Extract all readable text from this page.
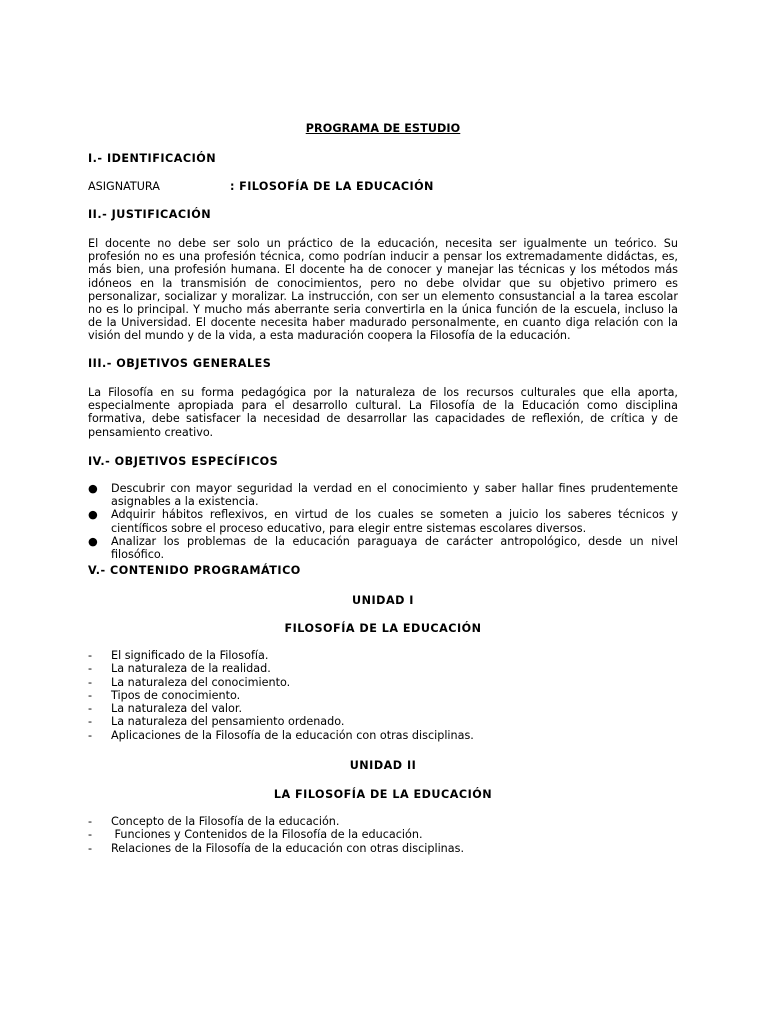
PROGRAMA DE ESTUDIO
I.- IDENTIFICACIÓN
ASIGNATURA	: FILOSOFÍA DE LA EDUCACIÓN
II.- JUSTIFICACIÓN

El docente no debe ser solo un práctico de la educación, necesita ser igualmente un teórico. Su profesión no es una profesión técnica, como podrían inducir a pensar los extremadamente didáctas, es, más bien, una profesión humana. El docente ha de conocer y manejar las técnicas y los métodos más idóneos en la transmisión de conocimientos, pero no debe olvidar que su objetivo primero es personalizar, socializar y moralizar. La instrucción, con ser un elemento consustancial a la tarea escolar no es lo principal. Y mucho más aberrante seria convertirla en la única función de la escuela, incluso la de la Universidad. El docente necesita haber madurado personalmente, en cuanto diga relación con la visión del mundo y de la vida, a esta maduración coopera la Filosofía de la educación.

III.- OBJETIVOS GENERALES

La Filosofía en su forma pedagógica por la naturaleza de los recursos culturales que ella aporta, especialmente apropiada para el desarrollo cultural. La Filosofía de la Educación como disciplina formativa, debe satisfacer la necesidad de desarrollar las capacidades de reflexión, de crítica y de pensamiento creativo.

IV.- OBJETIVOS ESPECÍFICOS
● Descubrir con mayor seguridad la verdad en el conocimiento y saber hallar fines prudentemente asignables a la existencia.
● Adquirir hábitos reflexivos, en virtud de los cuales se someten a juicio los saberes técnicos y científicos sobre el proceso educativo, para elegir entre sistemas escolares diversos.
● Analizar los problemas de la educación paraguaya de carácter antropológico, desde un nivel filosófico.
V.- CONTENIDO PROGRAMÁTICO
UNIDAD I
FILOSOFÍA DE LA EDUCACIÓN
- El significado de la Filosofía.
- La naturaleza de la realidad.
- La naturaleza del conocimiento.
- Tipos de conocimiento.
- La naturaleza del valor.
- La naturaleza del pensamiento ordenado.
- Aplicaciones de la Filosofía de la educación con otras disciplinas.
UNIDAD II
LA FILOSOFÍA DE LA EDUCACIÓN
- Concepto de la Filosofía de la educación.
- Funciones y Contenidos de la Filosofía de la educación.
- Relaciones de la Filosofía de la educación con otras disciplinas.
